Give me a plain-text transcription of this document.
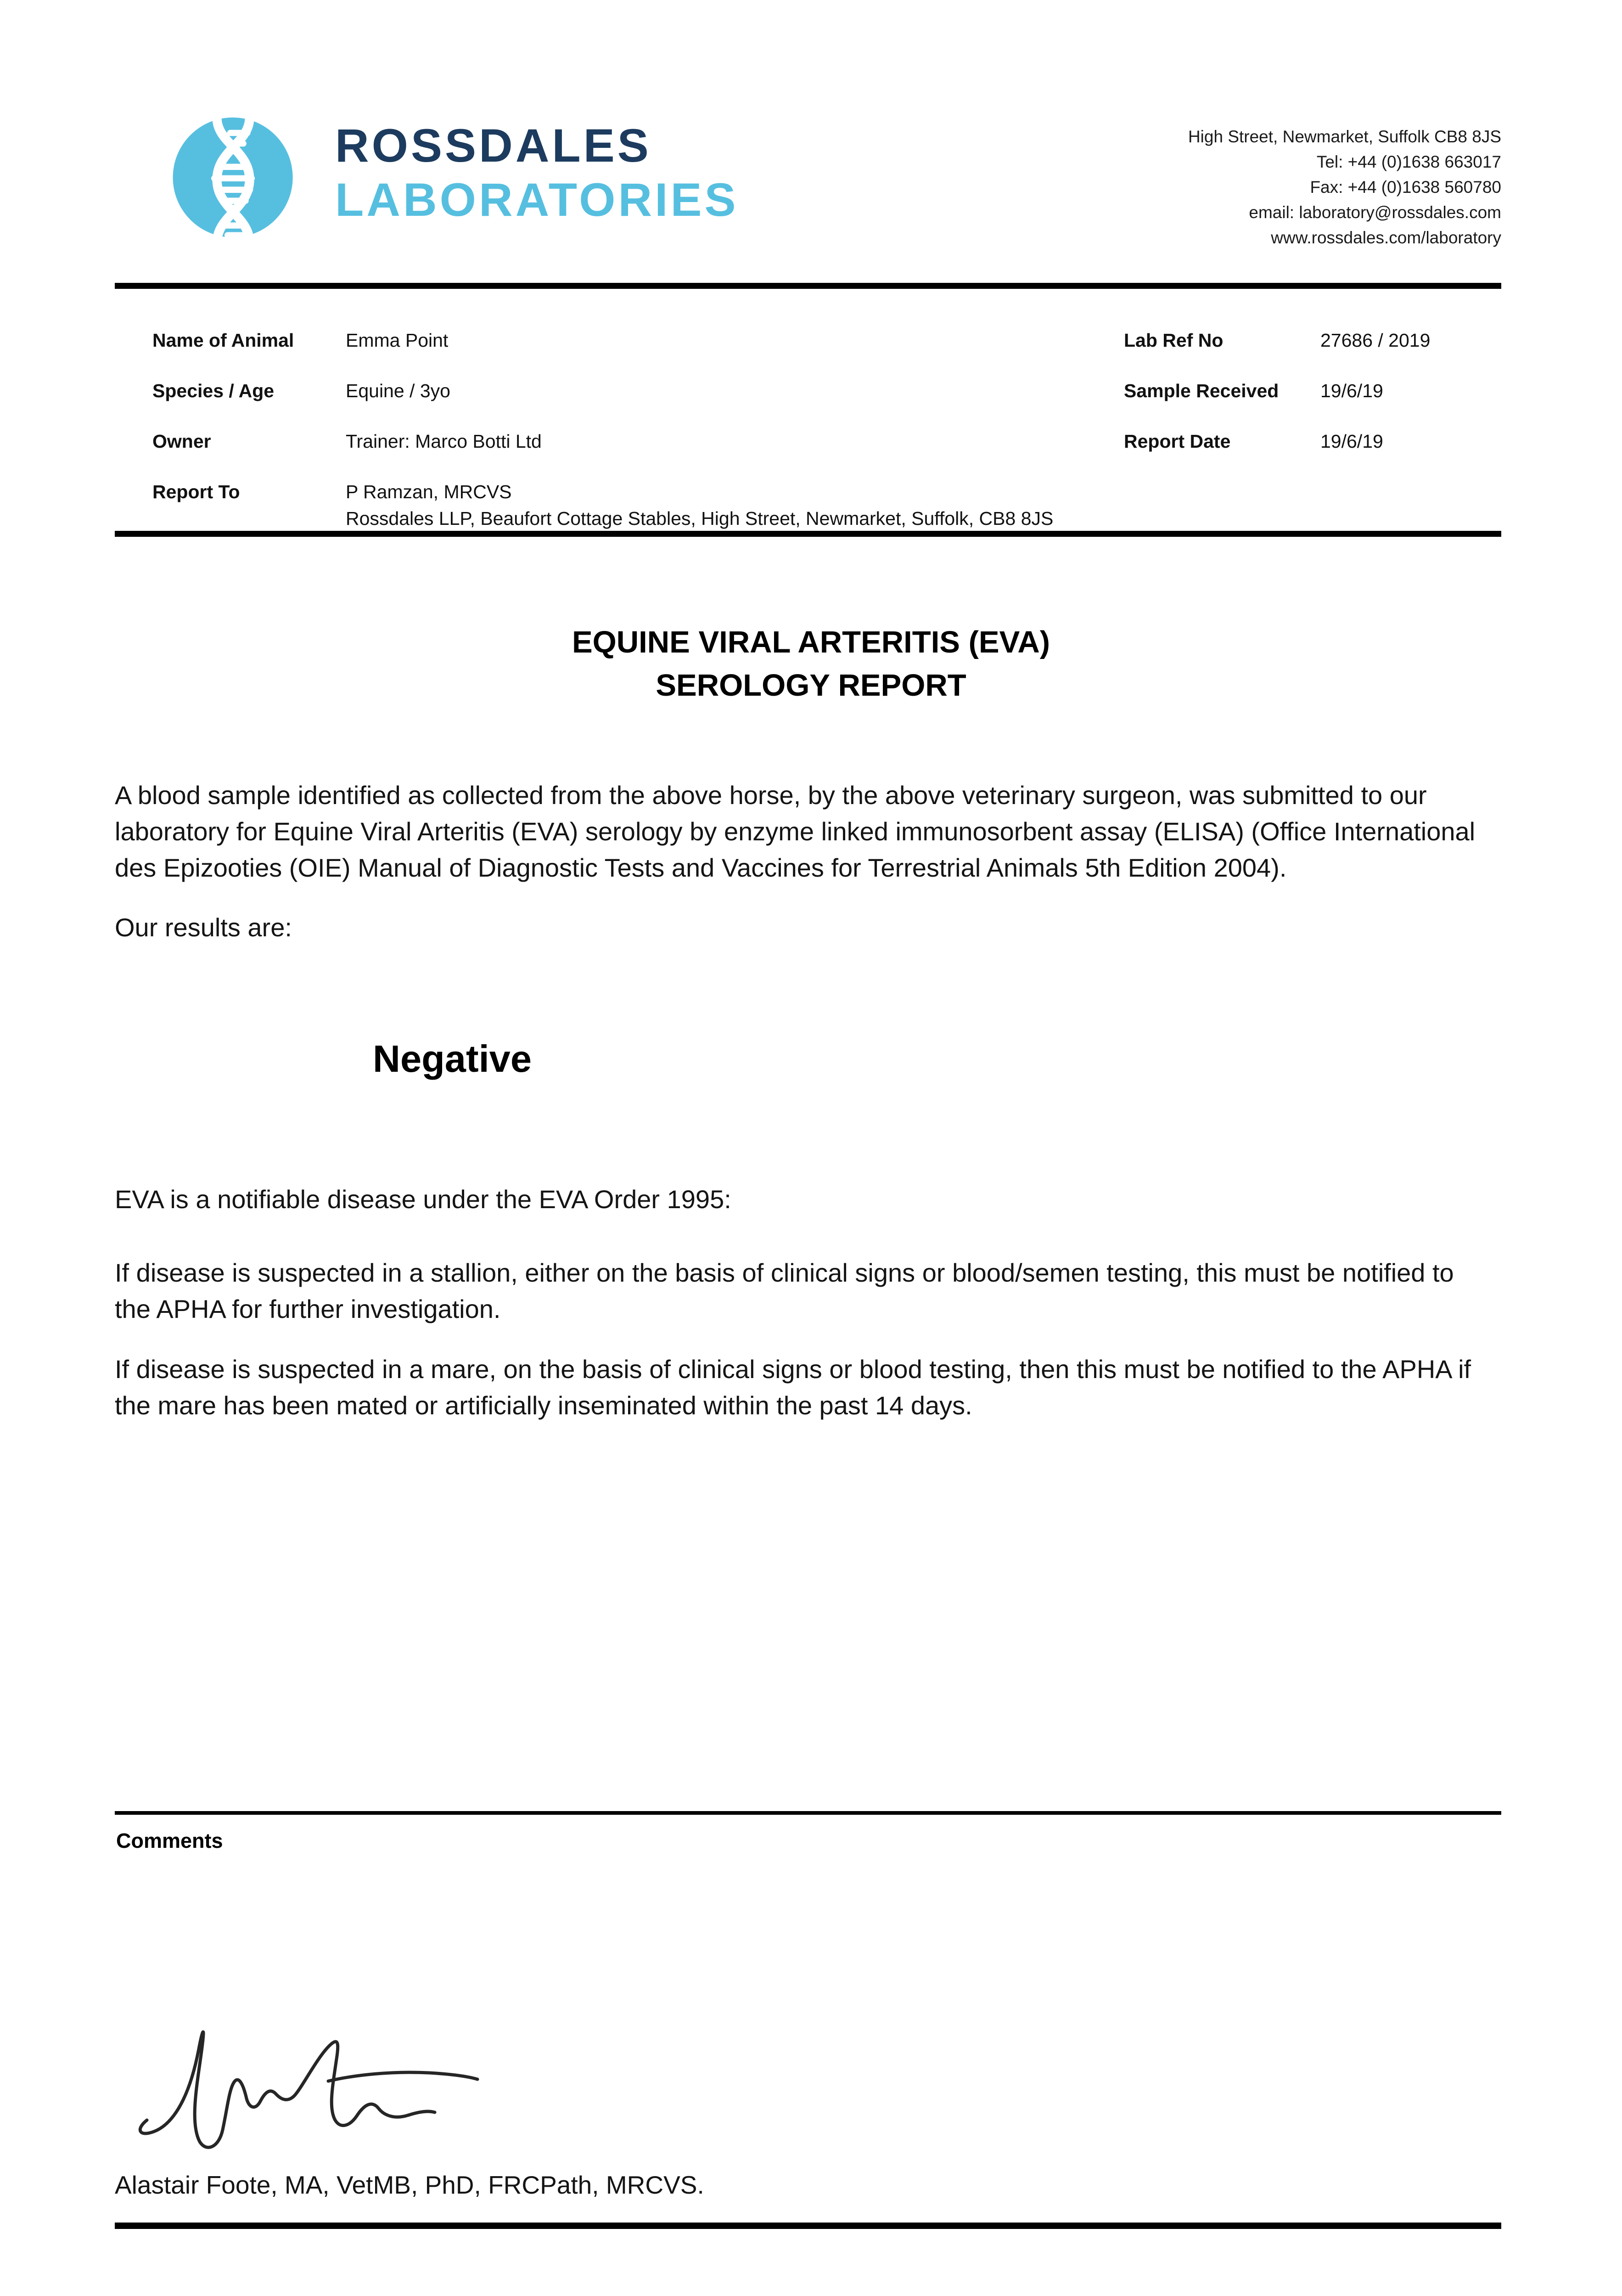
ROSSDALES
LABORATORIES
High Street, Newmarket, Suffolk CB8 8JS
Tel: +44 (0)1638 663017
Fax: +44 (0)1638 560780
email: laboratory@rossdales.com
www.rossdales.com/laboratory
Name of Animal	Emma Point
Species / Age	Equine / 3yo
Owner	Trainer: Marco Botti Ltd
Report To	P Ramzan, MRCVS
Rossdales LLP, Beaufort Cottage Stables, High Street, Newmarket, Suffolk, CB8 8JS
Lab Ref No	27686 / 2019
Sample Received 19/6/19
Report Date	19/6/19
EQUINE VIRAL ARTERITIS (EVA)
SEROLOGY REPORT
A blood sample identified as collected from the above horse, by the above veterinary surgeon, was submitted to our laboratory for Equine Viral Arteritis (EVA) serology by enzyme linked immunosorbent assay (ELISA) (Office International des Epizooties (OIE) Manual of Diagnostic Tests and Vaccines for Terrestrial Animals 5th Edition 2004).
Our results are:
Negative
EVA is a notifiable disease under the EVA Order 1995:
If disease is suspected in a stallion, either on the basis of clinical signs or blood/semen testing, this must be notified to the APHA for further investigation.
If disease is suspected in a mare, on the basis of clinical signs or blood testing, then this must be notified to the APHA if the mare has been mated or artificially inseminated within the past 14 days.
Comments
Alastair Foote, MA, VetMB, PhD, FRCPath, MRCVS.
